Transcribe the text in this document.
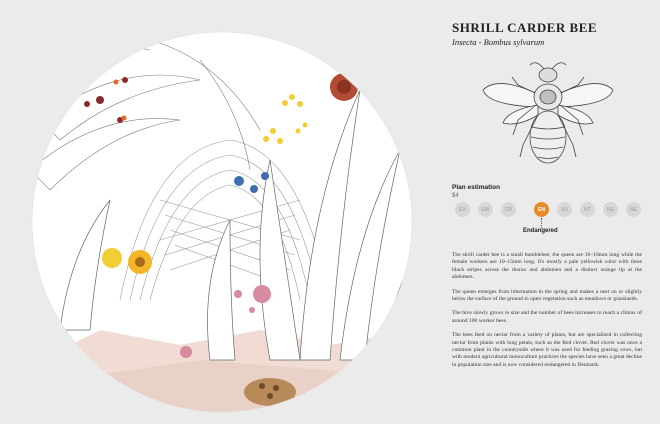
SHRILL CARDER BEE

Insecta - Bombus sylvarum

Plan estimation
$4
EX	EW	CR	EN	VU	NT	RE	NE
Endangered

The shrill carder bee is a small bumblebee, the queen are 16–18mm long while the female workers are 10–15mm long. It's mostly a pale yellowish color with three black stripes across the thorax and abdomen and a distinct orange tip at the abdomen.

The queen emerges from hibernation in the spring and makes a nest on or slightly below the surface of the ground in open vegetation such as meadows or grasslands.

The hive slowly grows in size and the number of bees increases to reach a climax of around 100 worker bees.

The bees feed on nectar from a variety of plants, but are specialized in collecting nectar from plants with long petals, such as the Red clover. Red clover was once a common plant in the countryside where it was used for feeding grazing cows, but with modern agricultural monoculture practices the species have seen a great decline in population size and is now considered endangered in Denmark.
